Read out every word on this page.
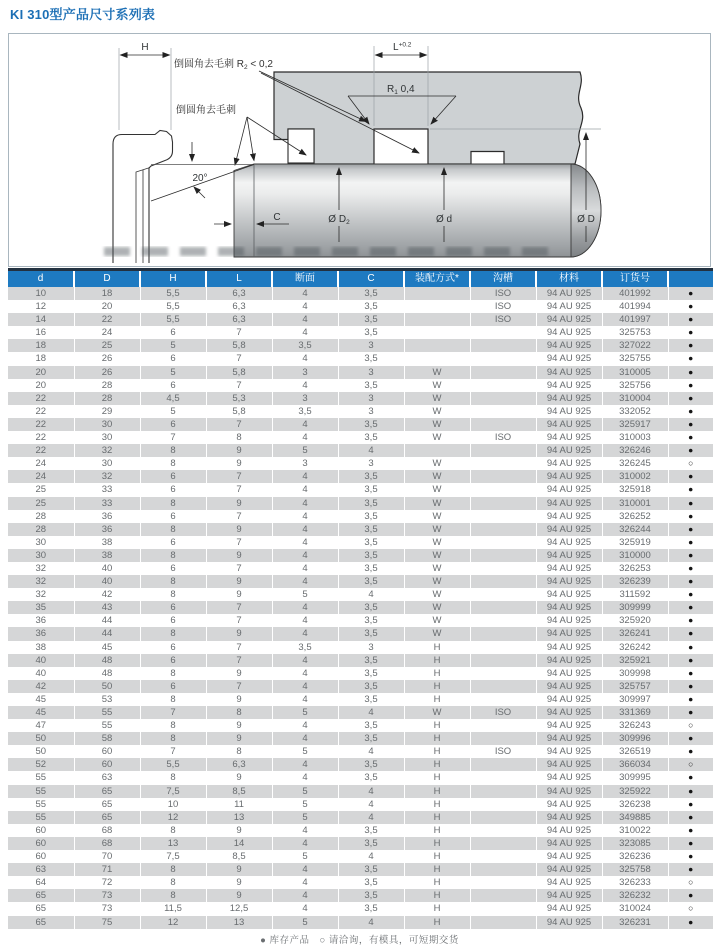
KI 310型产品尺寸系列表
H	$L^{+0.2}$
$R_1$ 0,4
倒圆角去毛刺 $R_2 < 0,2$
倒圆角去毛刺
20°
Ø $D_2$	Ø d	Ø D
C
d	D	H	L	断面	C	装配方式*	沟槽	材料	订货号	
10	18	5,5	6,3	4	3,5		ISO	94 AU 925	401992	●
12	20	5,5	6,3	4	3,5		ISO	94 AU 925	401994	●
14	22	5,5	6,3	4	3,5		ISO	94 AU 925	401997	●
16	24	6	7	4	3,5			94 AU 925	325753	●
18	25	5	5,8	3,5	3			94 AU 925	327022	●
18	26	6	7	4	3,5			94 AU 925	325755	●
20	26	5	5,8	3	3	W		94 AU 925	310005	●
20	28	6	7	4	3,5	W		94 AU 925	325756	●
22	28	4,5	5,3	3	3	W		94 AU 925	310004	●
22	29	5	5,8	3,5	3	W		94 AU 925	332052	●
22	30	6	7	4	3,5	W		94 AU 925	325917	●
22	30	7	8	4	3,5	W	ISO	94 AU 925	310003	●
22	32	8	9	5	4			94 AU 925	326246	●
24	30	8	9	3	3	W		94 AU 925	326245	○
24	32	6	7	4	3,5	W		94 AU 925	310002	●
25	33	6	7	4	3,5	W		94 AU 925	325918	●
25	33	8	9	4	3,5	W		94 AU 925	310001	●
28	36	6	7	4	3,5	W		94 AU 925	326252	●
28	36	8	9	4	3,5	W		94 AU 925	326244	●
30	38	6	7	4	3,5	W		94 AU 925	325919	●
30	38	8	9	4	3,5	W		94 AU 925	310000	●
32	40	6	7	4	3,5	W		94 AU 925	326253	●
32	40	8	9	4	3,5	W		94 AU 925	326239	●
32	42	8	9	5	4	W		94 AU 925	311592	●
35	43	6	7	4	3,5	W		94 AU 925	309999	●
36	44	6	7	4	3,5	W		94 AU 925	325920	●
36	44	8	9	4	3,5	W		94 AU 925	326241	●
38	45	6	7	3,5	3	H		94 AU 925	326242	●
40	48	6	7	4	3,5	H		94 AU 925	325921	●
40	48	8	9	4	3,5	H		94 AU 925	309998	●
42	50	6	7	4	3,5	H		94 AU 925	325757	●
45	53	8	9	4	3,5	H		94 AU 925	309997	●
45	55	7	8	5	4	W	ISO	94 AU 925	331369	●
47	55	8	9	4	3,5	H		94 AU 925	326243	○
50	58	8	9	4	3,5	H		94 AU 925	309996	●
50	60	7	8	5	4	H	ISO	94 AU 925	326519	●
52	60	5,5	6,3	4	3,5	H		94 AU 925	366034	○
55	63	8	9	4	3,5	H		94 AU 925	309995	●
55	65	7,5	8,5	5	4	H		94 AU 925	325922	●
55	65	10	11	5	4	H		94 AU 925	326238	●
55	65	12	13	5	4	H		94 AU 925	349885	●
60	68	8	9	4	3,5	H		94 AU 925	310022	●
60	68	13	14	4	3,5	H		94 AU 925	323085	●
60	70	7,5	8,5	5	4	H		94 AU 925	326236	●
63	71	8	9	4	3,5	H		94 AU 925	325758	●
64	72	8	9	4	3,5	H		94 AU 925	326233	○
65	73	8	9	4	3,5	H		94 AU 925	326232	●
65	73	11,5	12,5	4	3,5	H		94 AU 925	310024	○
65	75	12	13	5	4	H		94 AU 925	326231	●
● 库存产品　○ 请洽询，有模具，可短期交货
